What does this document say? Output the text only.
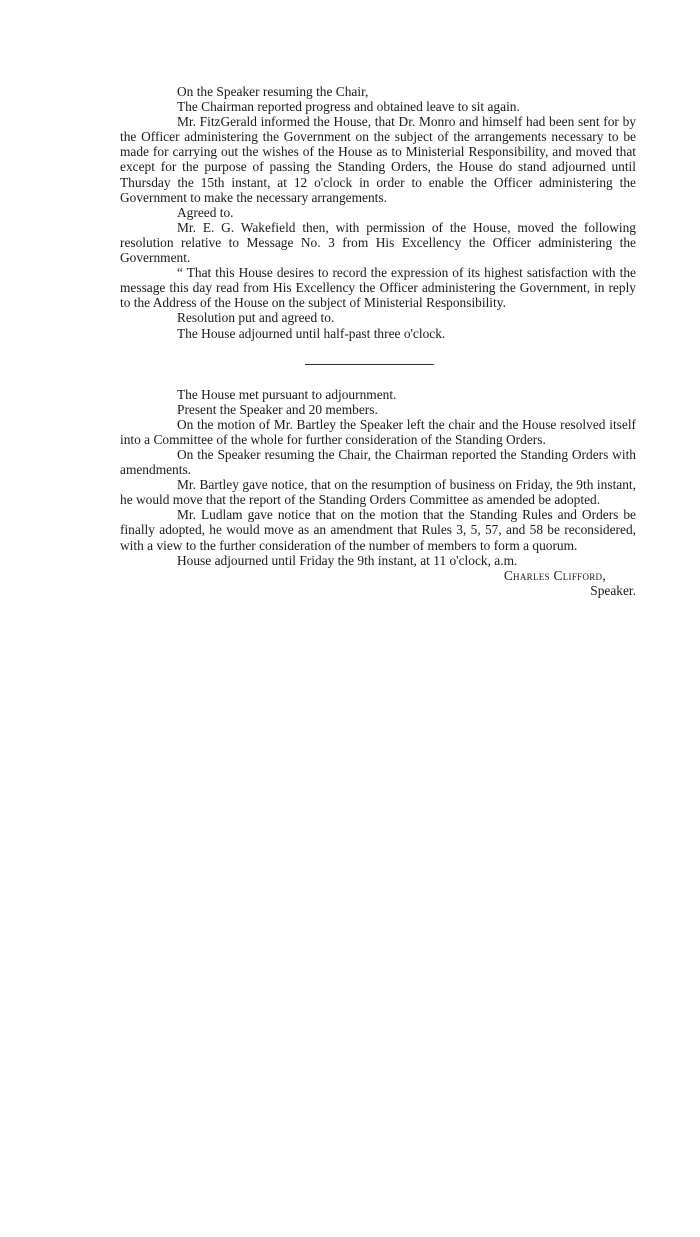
On the Speaker resuming the Chair,

The Chairman reported progress and obtained leave to sit again.

Mr. FitzGerald informed the House, that Dr. Monro and himself had been sent for by the Officer administering the Government on the subject of the arrangements necessary to be made for carrying out the wishes of the House as to Ministerial Responsibility, and moved that except for the purpose of passing the Standing Orders, the House do stand adjourned until Thursday the 15th instant, at 12 o'clock in order to enable the Officer administering the Government to make the necessary arrangements.

Agreed to.

Mr. E. G. Wakefield then, with permission of the House, moved the following resolution relative to Message No. 3 from His Excellency the Officer administering the Government.

“ That this House desires to record the expression of its highest satisfaction with the message this day read from His Excellency the Officer administering the Government, in reply to the Address of the House on the subject of Ministerial Responsibility.

Resolution put and agreed to.

The House adjourned until half-past three o'clock.

The House met pursuant to adjournment.

Present the Speaker and 20 members.

On the motion of Mr. Bartley the Speaker left the chair and the House resolved itself into a Committee of the whole for further consideration of the Standing Orders.

On the Speaker resuming the Chair, the Chairman reported the Standing Orders with amendments.

Mr. Bartley gave notice, that on the resumption of business on Friday, the 9th instant, he would move that the report of the Standing Orders Committee as amended be adopted.

Mr. Ludlam gave notice that on the motion that the Standing Rules and Orders be finally adopted, he would move as an amendment that Rules 3, 5, 57, and 58 be reconsidered, with a view to the further consideration of the number of members to form a quorum.

House adjourned until Friday the 9th instant, at 11 o'clock, a.m.

Charles Clifford,

Speaker.
